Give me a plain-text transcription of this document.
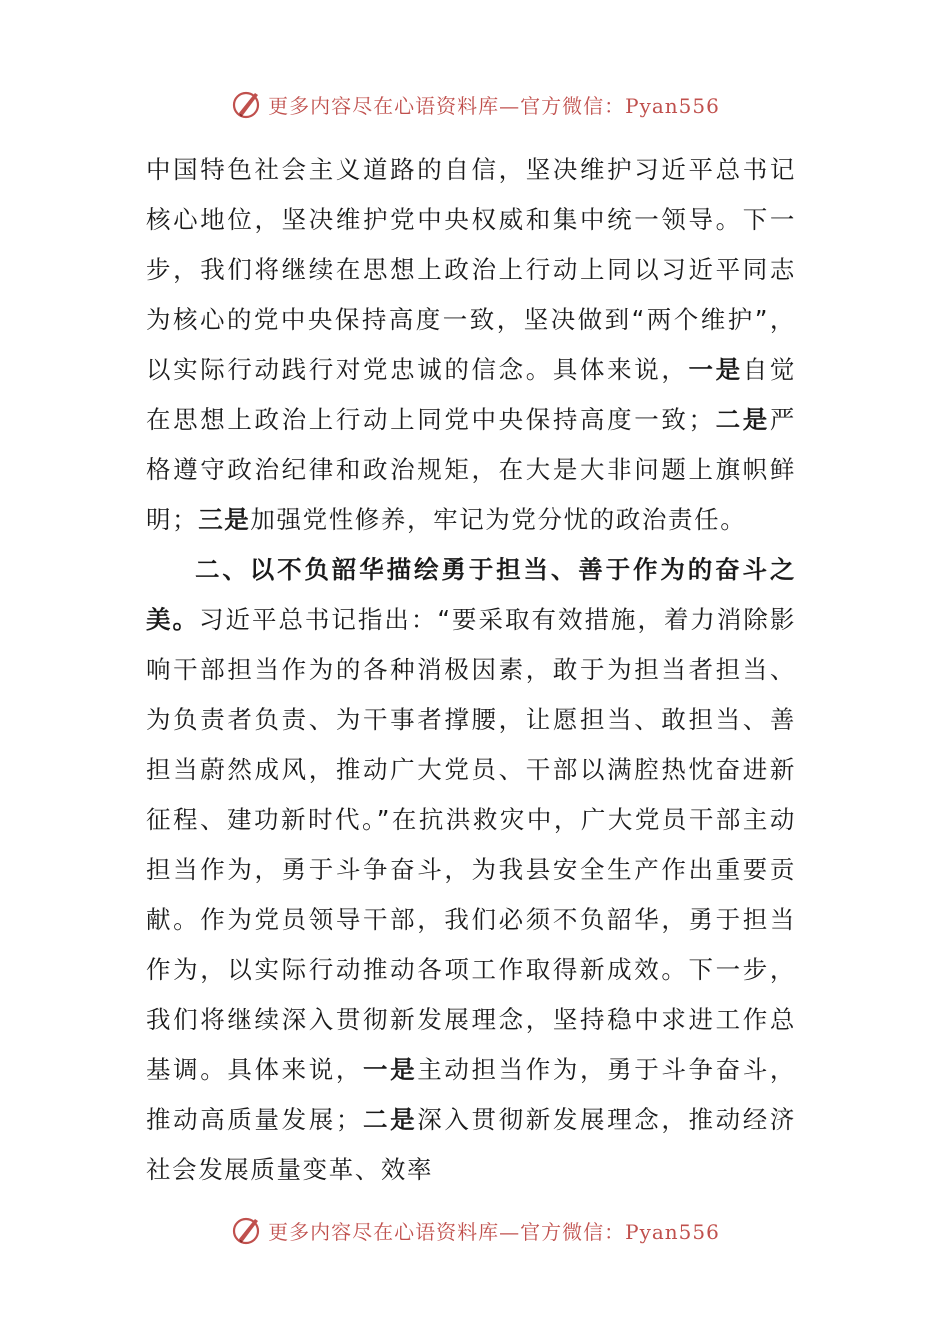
更多内容尽在心语资料库—官方微信：Pyan556

中国特色社会主义道路的自信，坚决维护习近平总书记核心地位，坚决维护党中央权威和集中统一领导。下一步，我们将继续在思想上政治上行动上同以习近平同志为核心的党中央保持高度一致，坚决做到“两个维护”，以实际行动践行对党忠诚的信念。具体来说，一是自觉在思想上政治上行动上同党中央保持高度一致；二是严格遵守政治纪律和政治规矩，在大是大非问题上旗帜鲜明；三是加强党性修养，牢记为党分忧的政治责任。

二、以不负韶华描绘勇于担当、善于作为的奋斗之美。习近平总书记指出：“要采取有效措施，着力消除影响干部担当作为的各种消极因素，敢于为担当者担当、为负责者负责、为干事者撑腰，让愿担当、敢担当、善担当蔚然成风，推动广大党员、干部以满腔热忱奋进新征程、建功新时代。”在抗洪救灾中，广大党员干部主动担当作为，勇于斗争奋斗，为我县安全生产作出重要贡献。作为党员领导干部，我们必须不负韶华，勇于担当作为，以实际行动推动各项工作取得新成效。下一步，我们将继续深入贯彻新发展理念，坚持稳中求进工作总基调。具体来说，一是主动担当作为，勇于斗争奋斗，推动高质量发展；二是深入贯彻新发展理念，推动经济社会发展质量变革、效率

更多内容尽在心语资料库—官方微信：Pyan556
